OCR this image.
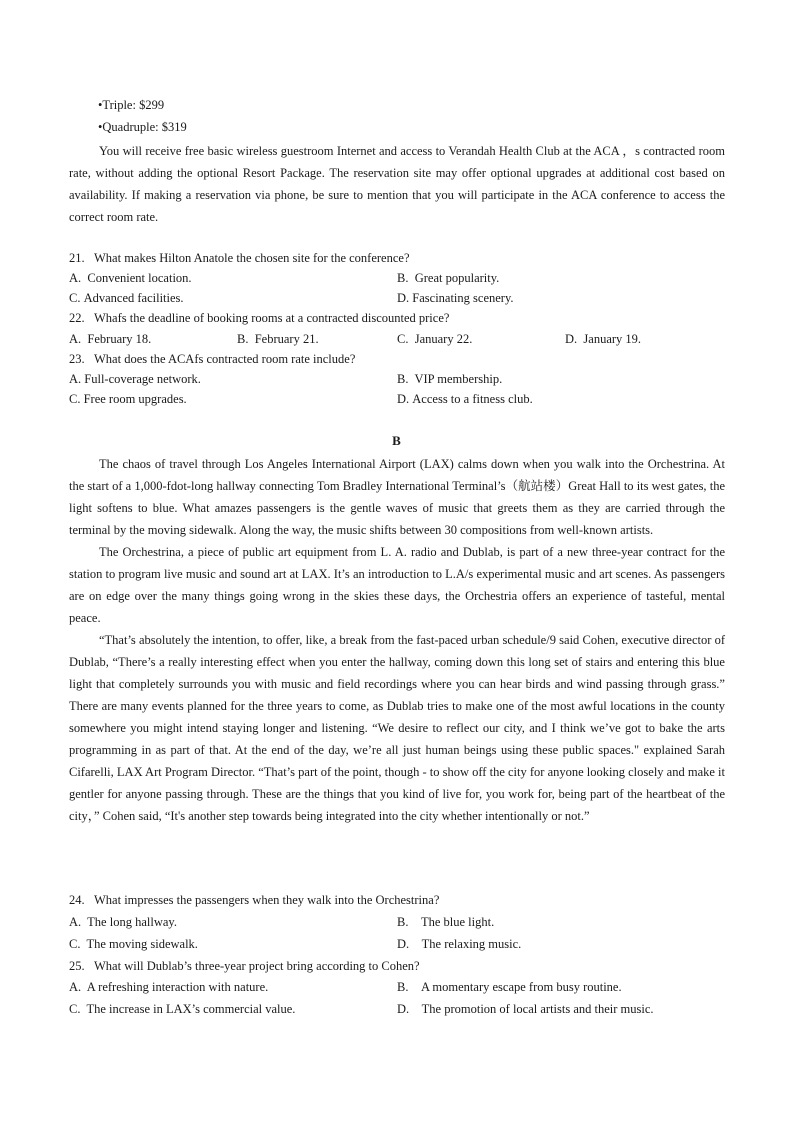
•Triple: $299
•Quadruple: $319

You will receive free basic wireless guestroom Internet and access to Verandah Health Club at the ACA ，s contracted room rate, without adding the optional Resort Package. The reservation site may offer optional upgrades at additional cost based on availability. If making a reservation via phone, be sure to mention that you will participate in the ACA conference to access the correct room rate.

21.   What makes Hilton Anatole the chosen site for the conference?
A.  Convenient location.	B.  Great popularity.
C. Advanced facilities.	D. Fascinating scenery.
22.   Whafs the deadline of booking rooms at a contracted discounted price?
A.  February 18.	B.  February 21.	C.  January 22.	D.  January 19.
23.   What does the ACAfs contracted room rate include?
A. Full-coverage network.	B.  VIP membership.
C. Free room upgrades.	D. Access to a fitness club.
B

The chaos of travel through Los Angeles International Airport (LAX) calms down when you walk into the Orchestrina. At the start of a 1,000-fdot-long hallway connecting Tom Bradley International Terminal’s（航站楼）Great Hall to its west gates, the light softens to blue. What amazes passengers is the gentle waves of music that greets them as they are carried through the terminal by the moving sidewalk. Along the way, the music shifts between 30 compositions from well-known artists.

The Orchestrina, a piece of public art equipment from L. A. radio and Dublab, is part of a new three-year contract for the station to program live music and sound art at LAX. It’s an introduction to L.A/s experimental music and art scenes. As passengers are on edge over the many things going wrong in the skies these days, the Orchestria offers an experience of tasteful, mental peace.

“That’s absolutely the intention, to offer, like, a break from the fast-paced urban schedule/9 said Cohen, executive director of Dublab, “There’s a really interesting effect when you enter the hallway, coming down this long set of stairs and entering this blue light that completely surrounds you with music and field recordings where you can hear birds and wind passing through grass.” There are many events planned for the three years to come, as Dublab tries to make one of the most awful locations in the county somewhere you might intend staying longer and listening. “We desire to reflect our city, and I think we’ve got to bake the arts programming in as part of that. At the end of the day, we’re all just human beings using these public spaces." explained Sarah Cifarelli, LAX Art Program Director. “That’s part of the point, though - to show off the city for anyone looking closely and make it gentler for anyone passing through. These are the things that you kind of live for, you work for, being part of the heartbeat of the city，” Cohen said, “It's another step towards being integrated into the city whether intentionally or not.”

24.   What impresses the passengers when they walk into the Orchestrina?
A.  The long hallway.	B.    The blue light.
C.  The moving sidewalk.	D.    The relaxing music.
25.   What will Dublab’s three-year project bring according to Cohen?
A.  A refreshing interaction with nature.	B.    A momentary escape from busy routine.
C.  The increase in LAX’s commercial value.	D.    The promotion of local artists and their music.
